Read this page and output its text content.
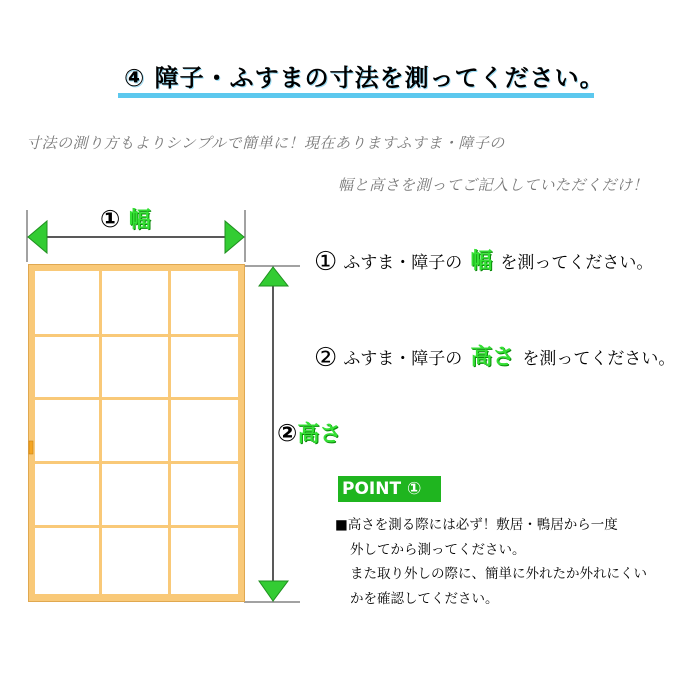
④ 障子・ふすまの寸法を測ってください。
寸法の測り方もよりシンプルで簡単に！現在ありますふすま・障子の
幅と高さを測ってご記入していただくだけ！
① 幅
②高さ
① ふすま・障子の 幅 を測ってください。
② ふすま・障子の 高さ を測ってください。
POINT ①
■高さを測る際には必ず！敷居・鴨居から一度
外してから測ってください。
また取り外しの際に、簡単に外れたか外れにくい
かを確認してください。
